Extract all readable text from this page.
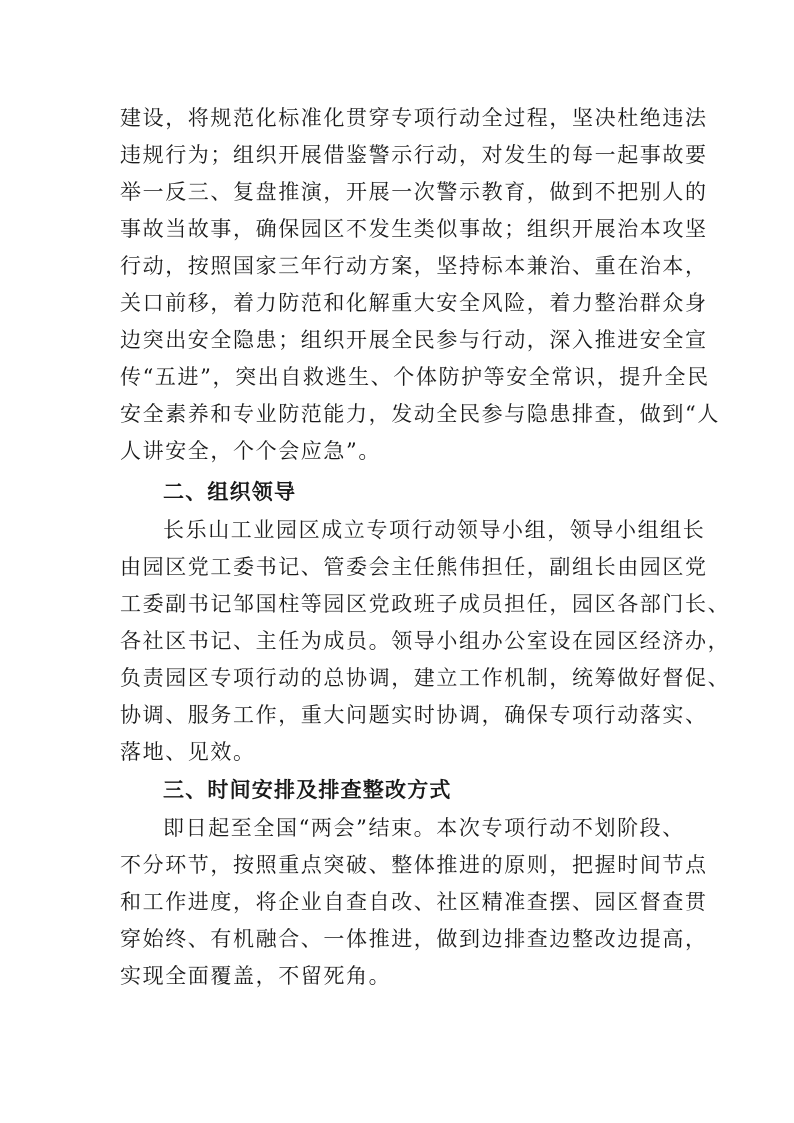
建设，将规范化标准化贯穿专项行动全过程，坚决杜绝违法
违规行为；组织开展借鉴警示行动，对发生的每一起事故要
举一反三、复盘推演，开展一次警示教育，做到不把别人的
事故当故事，确保园区不发生类似事故；组织开展治本攻坚
行动，按照国家三年行动方案，坚持标本兼治、重在治本，
关口前移，着力防范和化解重大安全风险，着力整治群众身
边突出安全隐患；组织开展全民参与行动，深入推进安全宣
传“五进”，突出自救逃生、个体防护等安全常识，提升全民
安全素养和专业防范能力，发动全民参与隐患排查，做到“人
人讲安全，个个会应急”。
二、组织领导
长乐山工业园区成立专项行动领导小组，领导小组组长
由园区党工委书记、管委会主任熊伟担任，副组长由园区党
工委副书记邹国柱等园区党政班子成员担任，园区各部门长、
各社区书记、主任为成员。领导小组办公室设在园区经济办，
负责园区专项行动的总协调，建立工作机制，统筹做好督促、
协调、服务工作，重大问题实时协调，确保专项行动落实、
落地、见效。
三、时间安排及排查整改方式
即日起至全国“两会”结束。本次专项行动不划阶段、
不分环节，按照重点突破、整体推进的原则，把握时间节点
和工作进度，将企业自查自改、社区精准查摆、园区督查贯
穿始终、有机融合、一体推进，做到边排查边整改边提高，
实现全面覆盖，不留死角。
